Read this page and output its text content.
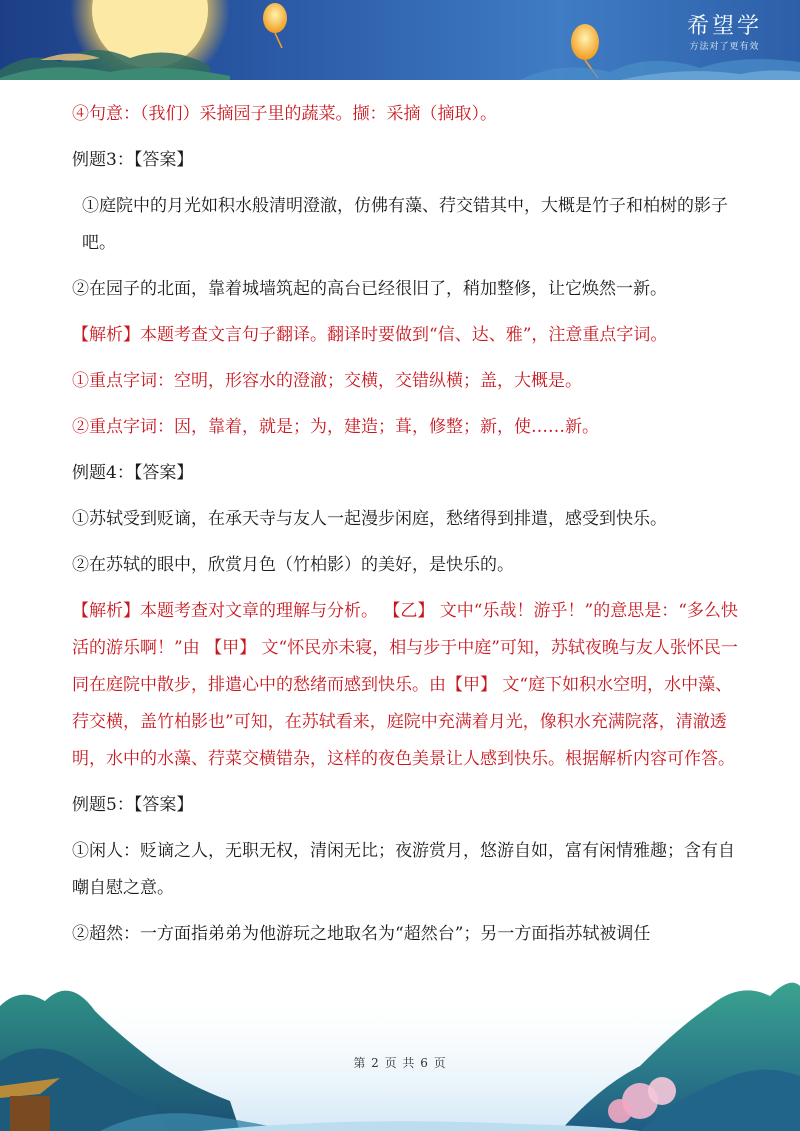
希望学
方法对了更有效

④句意：（我们）采摘园子里的蔬菜。撷：采摘（摘取）。

例题3：【答案】

①庭院中的月光如积水般清明澄澈，仿佛有藻、荇交错其中，大概是竹子和柏树的影子吧。

②在园子的北面，靠着城墙筑起的高台已经很旧了，稍加整修，让它焕然一新。

【解析】本题考查文言句子翻译。翻译时要做到“信、达、雅”，注意重点字词。

①重点字词：空明，形容水的澄澈；交横，交错纵横；盖，大概是。

②重点字词：因，靠着，就是；为，建造；葺，修整；新，使……新。

例题4：【答案】

①苏轼受到贬谪，在承天寺与友人一起漫步闲庭，愁绪得到排遣，感受到快乐。

②在苏轼的眼中，欣赏月色（竹柏影）的美好，是快乐的。

【解析】本题考查对文章的理解与分析。 【乙】 文中“乐哉！游乎！”的意思是：“多么快活的游乐啊！”由 【甲】 文“怀民亦未寝，相与步于中庭”可知，苏轼夜晚与友人张怀民一同在庭院中散步，排遣心中的愁绪而感到快乐。由【甲】 文“庭下如积水空明，水中藻、荇交横，盖竹柏影也”可知，在苏轼看来，庭院中充满着月光，像积水充满院落，清澈透明，水中的水藻、荇菜交横错杂，这样的夜色美景让人感到快乐。根据解析内容可作答。

例题5：【答案】

①闲人：贬谪之人，无职无权，清闲无比；夜游赏月，悠游自如，富有闲情雅趣；含有自嘲自慰之意。

②超然：一方面指弟弟为他游玩之地取名为“超然台”；另一方面指苏轼被调任

第 2 页 共 6 页
